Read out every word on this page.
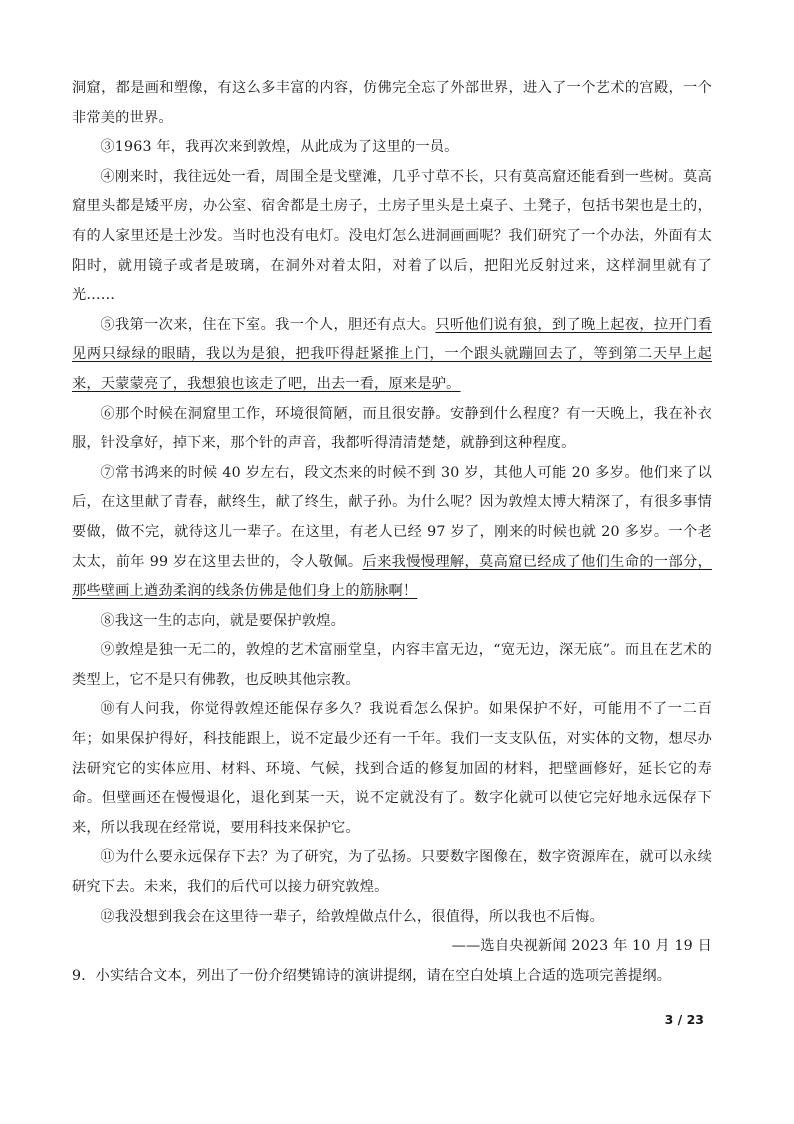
洞窟，都是画和塑像，有这么多丰富的内容，仿佛完全忘了外部世界，进入了一个艺术的宫殿，一个非常美的世界。

③1963 年，我再次来到敦煌，从此成为了这里的一员。

④刚来时，我往远处一看，周围全是戈壁滩，几乎寸草不长，只有莫高窟还能看到一些树。莫高窟里头都是矮平房，办公室、宿舍都是土房子，土房子里头是土桌子、土凳子，包括书架也是土的，有的人家里还是土沙发。当时也没有电灯。没电灯怎么进洞画画呢？我们研究了一个办法，外面有太阳时，就用镜子或者是玻璃，在洞外对着太阳，对着了以后，把阳光反射过来，这样洞里就有了光……

⑤我第一次来，住在下室。我一个人，胆还有点大。只听他们说有狼，到了晚上起夜，拉开门看见两只绿绿的眼睛，我以为是狼，把我吓得赶紧推上门，一个跟头就蹦回去了，等到第二天早上起来，天蒙蒙亮了，我想狼也该走了吧，出去一看，原来是驴。

⑥那个时候在洞窟里工作，环境很简陋，而且很安静。安静到什么程度？有一天晚上，我在补衣服，针没拿好，掉下来，那个针的声音，我都听得清清楚楚，就静到这种程度。

⑦常书鸿来的时候 40 岁左右，段文杰来的时候不到 30 岁，其他人可能 20 多岁。他们来了以后，在这里献了青春，献终生，献了终生，献子孙。为什么呢？因为敦煌太博大精深了，有很多事情要做，做不完，就待这儿一辈子。在这里，有老人已经 97 岁了，刚来的时候也就 20 多岁。一个老太太，前年 99 岁在这里去世的，令人敬佩。后来我慢慢理解，莫高窟已经成了他们生命的一部分，那些壁画上遒劲柔润的线条仿佛是他们身上的筋脉啊！

⑧我这一生的志向，就是要保护敦煌。

⑨敦煌是独一无二的，敦煌的艺术富丽堂皇，内容丰富无边，“宽无边，深无底”。而且在艺术的类型上，它不是只有佛教，也反映其他宗教。

⑩有人问我，你觉得敦煌还能保存多久？我说看怎么保护。如果保护不好，可能用不了一二百年；如果保护得好，科技能跟上，说不定最少还有一千年。我们一支支队伍，对实体的文物，想尽办法研究它的实体应用、材料、环境、气候，找到合适的修复加固的材料，把壁画修好，延长它的寿命。但壁画还在慢慢退化，退化到某一天，说不定就没有了。数字化就可以使它完好地永远保存下来，所以我现在经常说，要用科技来保护它。

⑪为什么要永远保存下去？为了研究，为了弘扬。只要数字图像在，数字资源库在，就可以永续研究下去。未来，我们的后代可以接力研究敦煌。

⑫我没想到我会在这里待一辈子，给敦煌做点什么，很值得，所以我也不后悔。

——选自央视新闻 2023 年 10 月 19 日

9．小实结合文本，列出了一份介绍樊锦诗的演讲提纲，请在空白处填上合适的选项完善提纲。

3 / 23
